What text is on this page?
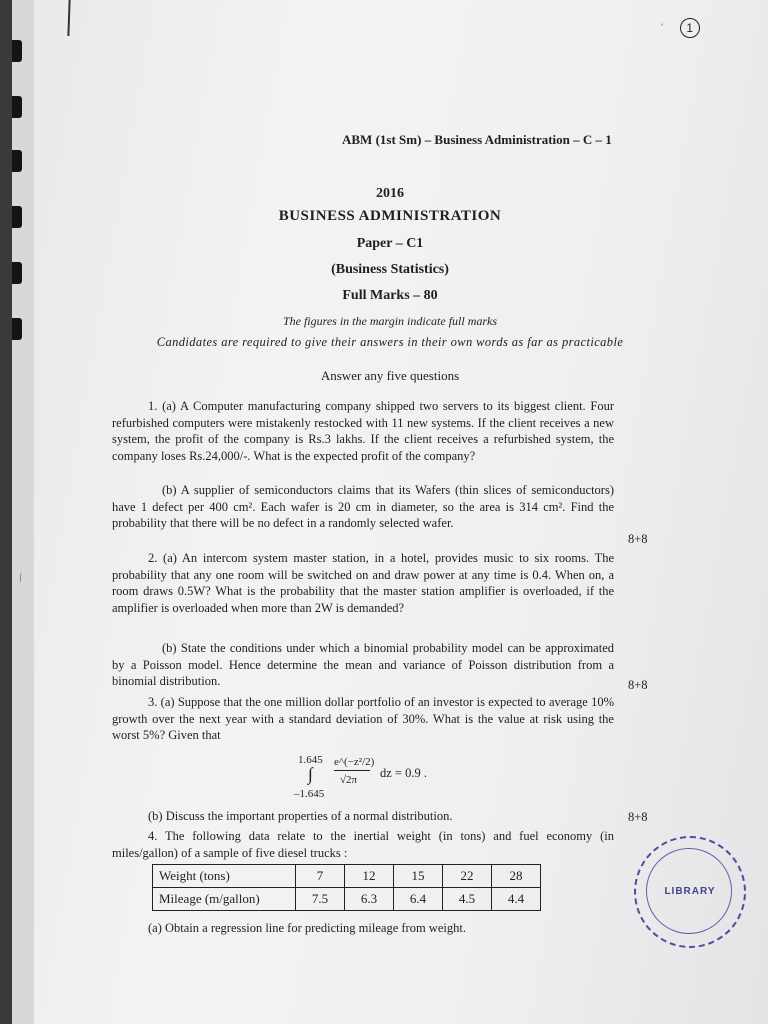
ˈ 1
ABM (1st Sm) – Business Administration – C – 1
2016
BUSINESS ADMINISTRATION
Paper – C1
(Business Statistics)
Full Marks – 80
The figures in the margin indicate full marks
Candidates are required to give their answers in their own words as far as practicable
Answer any five questions
1. (a) A Computer manufacturing company shipped two servers to its biggest client. Four refurbished computers were mistakenly restocked with 11 new systems. If the client receives a new system, the profit of the company is Rs.3 lakhs. If the client receives a refurbished system, the company loses Rs.24,000/-. What is the expected profit of the company?
(b) A supplier of semiconductors claims that its Wafers (thin slices of semiconductors) have 1 defect per 400 cm². Each wafer is 20 cm in diameter, so the area is 314 cm². Find the probability that there will be no defect in a randomly selected wafer.
8+8
2. (a) An intercom system master station, in a hotel, provides music to six rooms. The probability that any one room will be switched on and draw power at any time is 0.4. When on, a room draws 0.5W? What is the probability that the master station amplifier is overloaded, if the amplifier is overloaded when more than 2W is demanded?
(b) State the conditions under which a binomial probability model can be approximated by a Poisson model. Hence determine the mean and variance of Poisson distribution from a binomial distribution.	8+8
3. (a) Suppose that the one million dollar portfolio of an investor is expected to average 10% growth over the next year with a standard deviation of 30%. What is the value at risk using the worst 5%? Given that
1.645
∫
–1.645
e^(−z²/2)
√2π dz = 0.9 .
(b) Discuss the important properties of a normal distribution.	8+8
4. The following data relate to the inertial weight (in tons) and fuel economy (in miles/gallon) of a sample of five diesel trucks :
Weight (tons)	7	12	15	22	28
Mileage (m/gallon)	7.5	6.3	6.4	4.5	4.4
(a) Obtain a regression line for predicting mileage from weight.
LIBRARY
⁄
